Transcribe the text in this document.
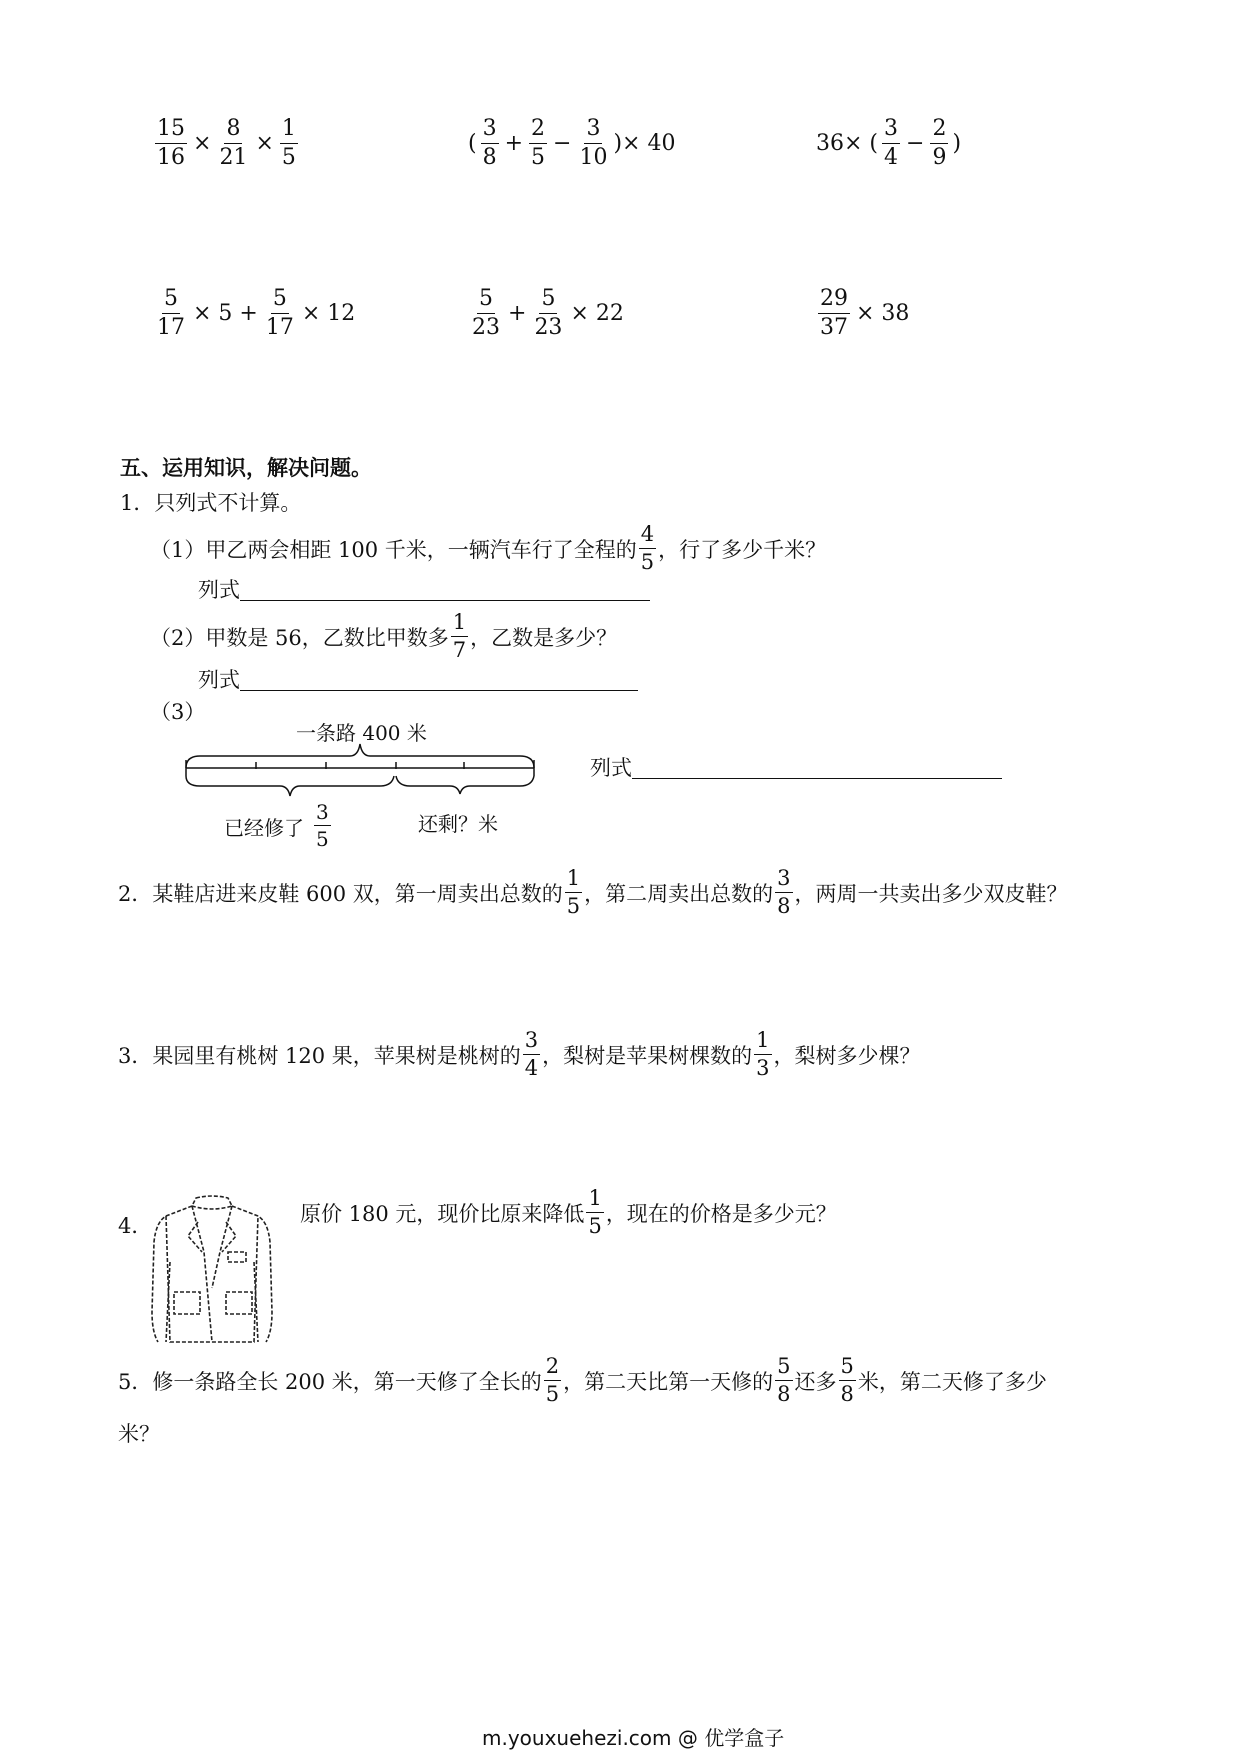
$\frac{15}{16} \times \frac{8}{21} \times \frac{1}{5}$	( $\frac{3}{8} + \frac{2}{5} - \frac{3}{10}$ )× 40	36× ( $\frac{3}{4} - \frac{2}{9}$ )
$\frac{5}{17} \times 5 + \frac{5}{17} \times 12$	$\frac{5}{23} + \frac{5}{23} \times 22$	$\frac{29}{37} \times 38$
五、运用知识，解决问题。
1．只列式不计算。
（1）甲乙两会相距 100 千米，一辆汽车行了全程的 $\frac{4}{5}$ ，行了多少千米？
列式
（2）甲数是 56，乙数比甲数多 $\frac{1}{7}$ ，乙数是多少？
列式
（3）
一条路 400 米
$\frac{3}{5}$
已经修了	还剩？米
列式
2．某鞋店进来皮鞋 600 双，第一周卖出总数的 $\frac{1}{5}$ ，第二周卖出总数的 $\frac{3}{8}$ ，两周一共卖出多少双皮鞋？
3．果园里有桃树 120 果，苹果树是桃树的 $\frac{3}{4}$ ，梨树是苹果树棵数的 $\frac{1}{3}$ ，梨树多少棵？
4．
原价 180 元，现价比原来降低 $\frac{1}{5}$ ，现在的价格是多少元？
5．修一条路全长 200 米，第一天修了全长的 $\frac{2}{5}$ ，第二天比第一天修的 $\frac{5}{8}$ 还多 $\frac{5}{8}$ 米，第二天修了多少
米？
m.youxuehezi.com @ 优学盒子
